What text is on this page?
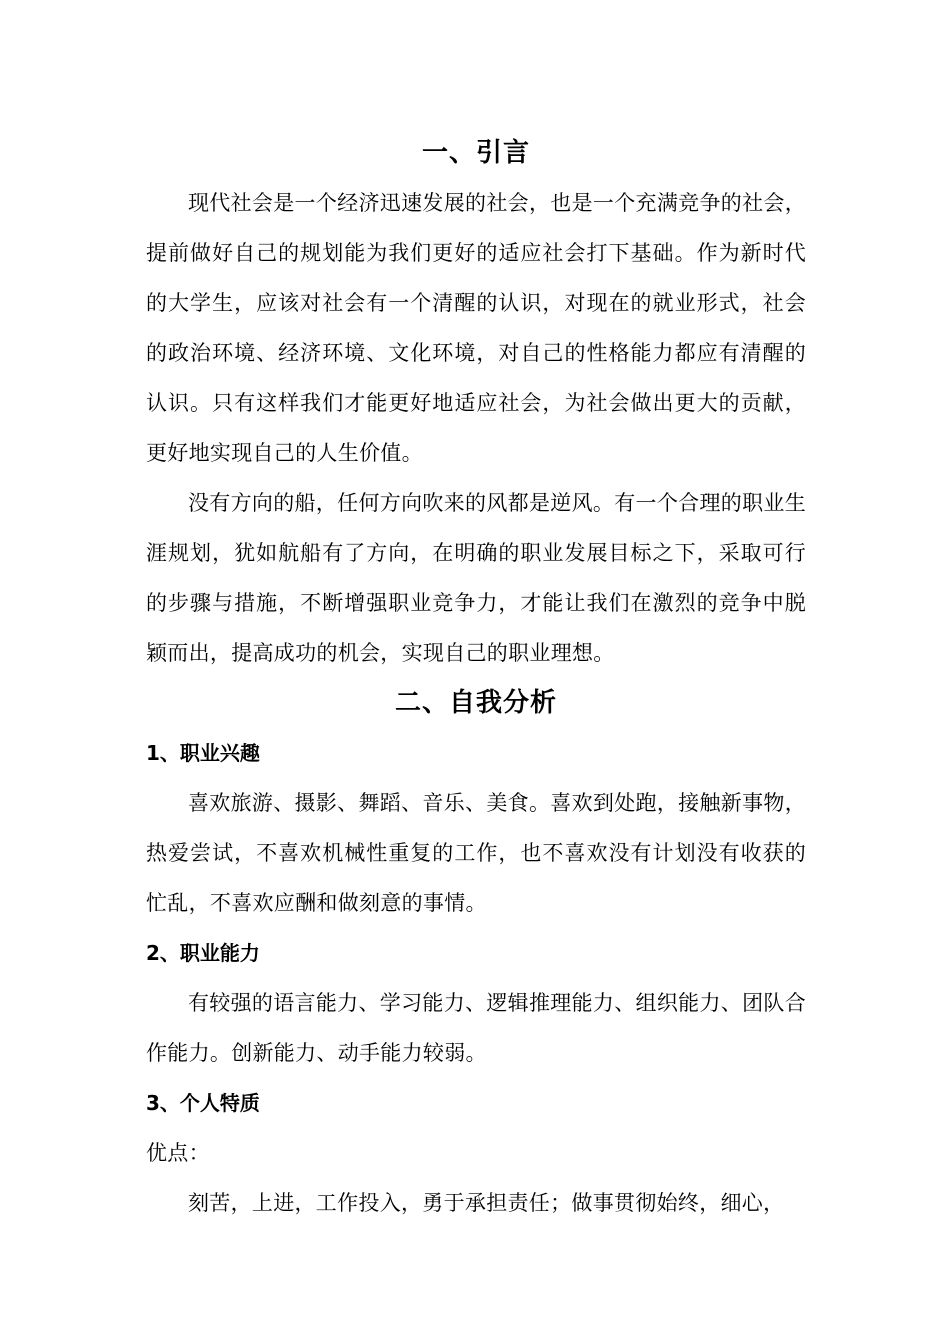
一、引言

现代社会是一个经济迅速发展的社会，也是一个充满竞争的社会，提前做好自己的规划能为我们更好的适应社会打下基础。作为新时代的大学生，应该对社会有一个清醒的认识，对现在的就业形式，社会的政治环境、经济环境、文化环境，对自己的性格能力都应有清醒的认识。只有这样我们才能更好地适应社会，为社会做出更大的贡献，更好地实现自己的人生价值。

没有方向的船，任何方向吹来的风都是逆风。有一个合理的职业生涯规划，犹如航船有了方向，在明确的职业发展目标之下，采取可行的步骤与措施，不断增强职业竞争力，才能让我们在激烈的竞争中脱颖而出，提高成功的机会，实现自己的职业理想。

二、自我分析
1、职业兴趣

喜欢旅游、摄影、舞蹈、音乐、美食。喜欢到处跑，接触新事物，热爱尝试，不喜欢机械性重复的工作，也不喜欢没有计划没有收获的忙乱，不喜欢应酬和做刻意的事情。

2、职业能力

有较强的语言能力、学习能力、逻辑推理能力、组织能力、团队合作能力。创新能力、动手能力较弱。

3、个人特质

优点：

刻苦，上进，工作投入，勇于承担责任；做事贯彻始终，细心，
